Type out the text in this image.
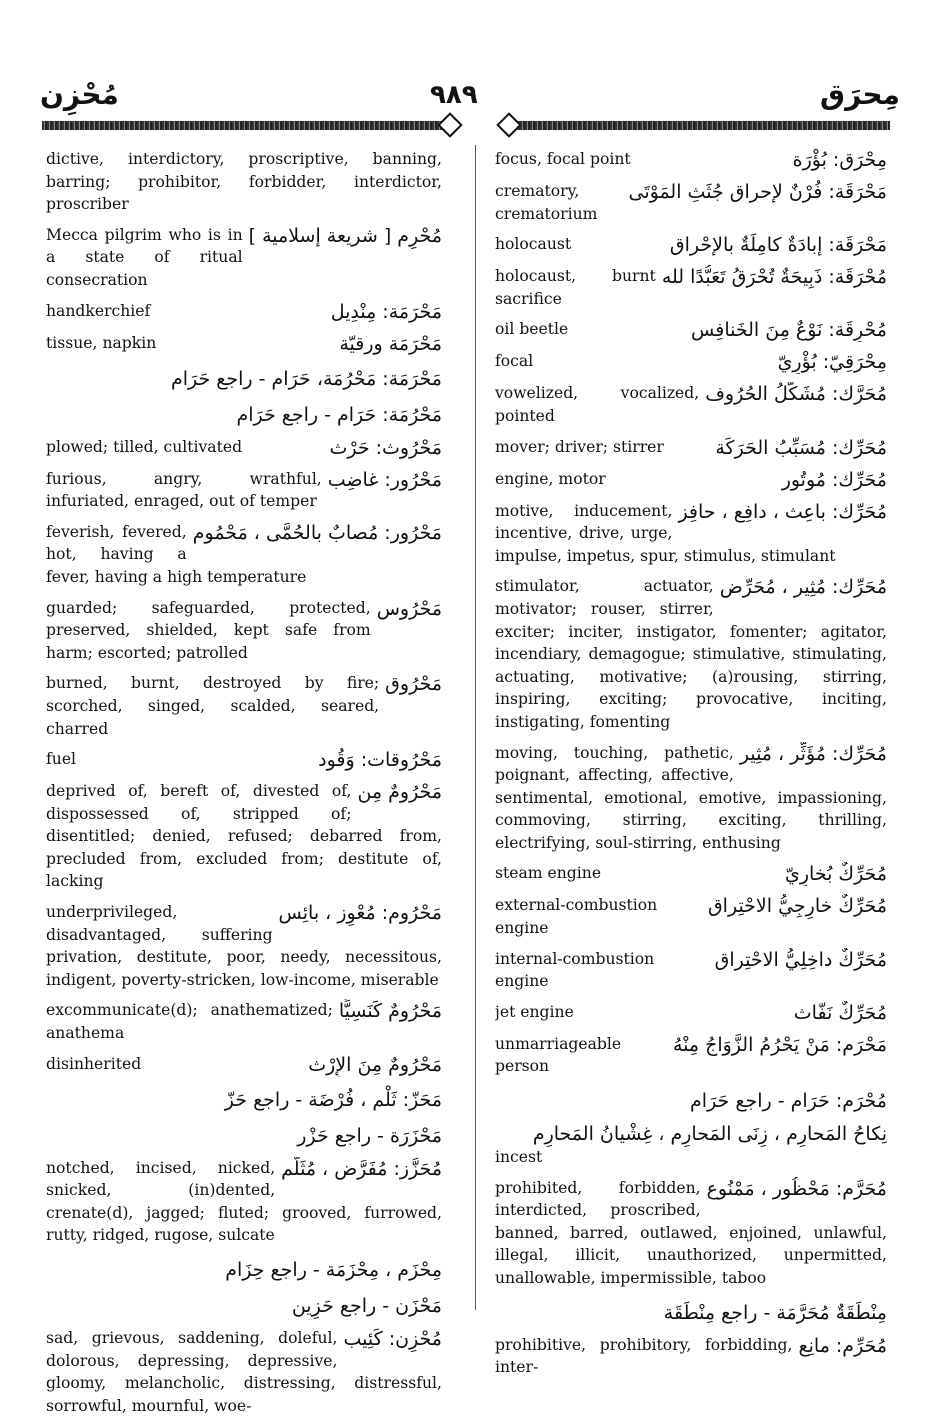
مُحْزِن	٩٨٩	مِحرَق
dictive, interdictory, proscriptive, banning, barring; prohibitor, forbidder, interdictor, proscriber
مُحْرِم [ شريعة إسلامية ]
Mecca pilgrim who is in a state of ritual consecration
مَحْرَمَة: مِنْدِيل
handkerchief
مَحْرَمَة ورقيّة
tissue, napkin
مَحْرَمَة: مَحْرُمَة، حَرَام - راجع حَرَام
مَحْرُمَة: حَرَام - راجع حَرَام
مَحْرُوث: حَرْث
plowed; tilled, cultivated
مَحْرُور: غاضِب
furious, angry, wrathful, infuriated, enraged, out of temper
مَحْرُور: مُصابٌ بالحُمَّى ، مَحْمُوم
feverish, fevered, hot, having a fever, having a high temperature
مَحْرُوس
guarded; safeguarded, protected, preserved, shielded, kept safe from harm; escorted; patrolled
مَحْرُوق
burned, burnt, destroyed by fire; scorched, singed, scalded, seared, charred
مَحْرُوقات: وَقُود
fuel
مَحْرُومٌ مِن
deprived of, bereft of, divested of, dispossessed of, stripped of; disentitled; denied, refused; debarred from, precluded from, excluded from; destitute of, lacking
مَحْرُوم: مُعْوِز ، بائِس
underprivileged, disadvantaged, suffering privation, destitute, poor, needy, necessitous, indigent, poverty-stricken, low-income, miserable
مَحْرُومٌ كَنَسِيًّا
excommunicate(d); anathematized; anathema
مَحْرُومٌ مِنَ الإِرْث
disinherited
مَحَزّ: ثَلْم ، فُرْضَة - راجع حَزّ
مَحْزَرَة - راجع حَزْر
مُحَزَّز: مُفَرَّض ، مُثَلَّم
notched, incised, nicked, snicked, (in)dented, crenate(d), jagged; fluted; grooved, furrowed, rutty, ridged, rugose, sulcate
مِحْزَم ، مِحْزَمَة - راجع حِزَام
مَحْزَن - راجع حَزِين
مُحْزِن: كَئِيب
sad, grievous, saddening, doleful, dolorous, depressing, depressive, gloomy, melancholic, distressing, distressful, sorrowful, mournful, woe-
مِحْرَق: بُؤْرَة
focus, focal point
مَحْرَقَة: فُرْنٌ لإحراق جُثَثِ المَوْتَى
crematory, crematorium
مَحْرَقَة: إبادَةٌ كامِلَةٌ بالإحْراق
holocaust
مُحْرَقَة: ذَبِيحَةٌ تُحْرَقُ تَعَبُّدًا لله
holocaust, burnt sacrifice
مُحْرِقَة: نَوْعٌ مِنَ الخَنافِس
oil beetle
مِحْرَقِيّ: بُؤْرِيّ
focal
مُحَرَّك: مُشَكَّلُ الحُرُوف
vowelized, vocalized, pointed
مُحَرِّك: مُسَبِّبُ الحَرَكَة
mover; driver; stirrer
مُحَرِّك: مُوتُور
engine, motor
مُحَرِّك: باعِث ، دافِع ، حافِز
motive, inducement, incentive, drive, urge, impulse, impetus, spur, stimulus, stimulant
مُحَرِّك: مُثِير ، مُحَرِّض
stimulator, actuator, motivator; rouser, stirrer, exciter; inciter, instigator, fomenter; agitator, incendiary, demagogue; stimulative, stimulating, actuating, motivative; (a)rousing, stirring, inspiring, exciting; provocative, inciting, instigating, fomenting
مُحَرِّك: مُؤَثِّر ، مُثِير
moving, touching, pathetic, poignant, affecting, affective, sentimental, emotional, emotive, impassioning, commoving, stirring, exciting, thrilling, electrifying, soul-stirring, enthusing
مُحَرِّكٌ بُخارِيّ
steam engine
مُحَرِّكٌ خارِجِيُّ الاحْتِراق
external-combustion engine
مُحَرِّكٌ داخِلِيُّ الاحْتِراق
internal-combustion engine
مُحَرِّكٌ نَفّاث
jet engine
مَحْرَم: مَنْ يَحْرُمُ الزَّوَاجُ مِنْهُ
unmarriageable person
مُحْرَم: حَرَام - راجع حَرَام
نِكاحُ المَحارِم ، زِنَى المَحارِم ، غِشْيانُ المَحارِم
incest
مُحَرَّم: مَحْظُور ، مَمْنُوع
prohibited, forbidden, interdicted, proscribed, banned, barred, outlawed, enjoined, unlawful, illegal, illicit, unauthorized, unpermitted, unallowable, impermissible, taboo
مِنْطَقَةٌ مُحَرَّمَة - راجع مِنْطَقَة
مُحَرِّم: مانِع
prohibitive, prohibitory, forbidding, inter-
